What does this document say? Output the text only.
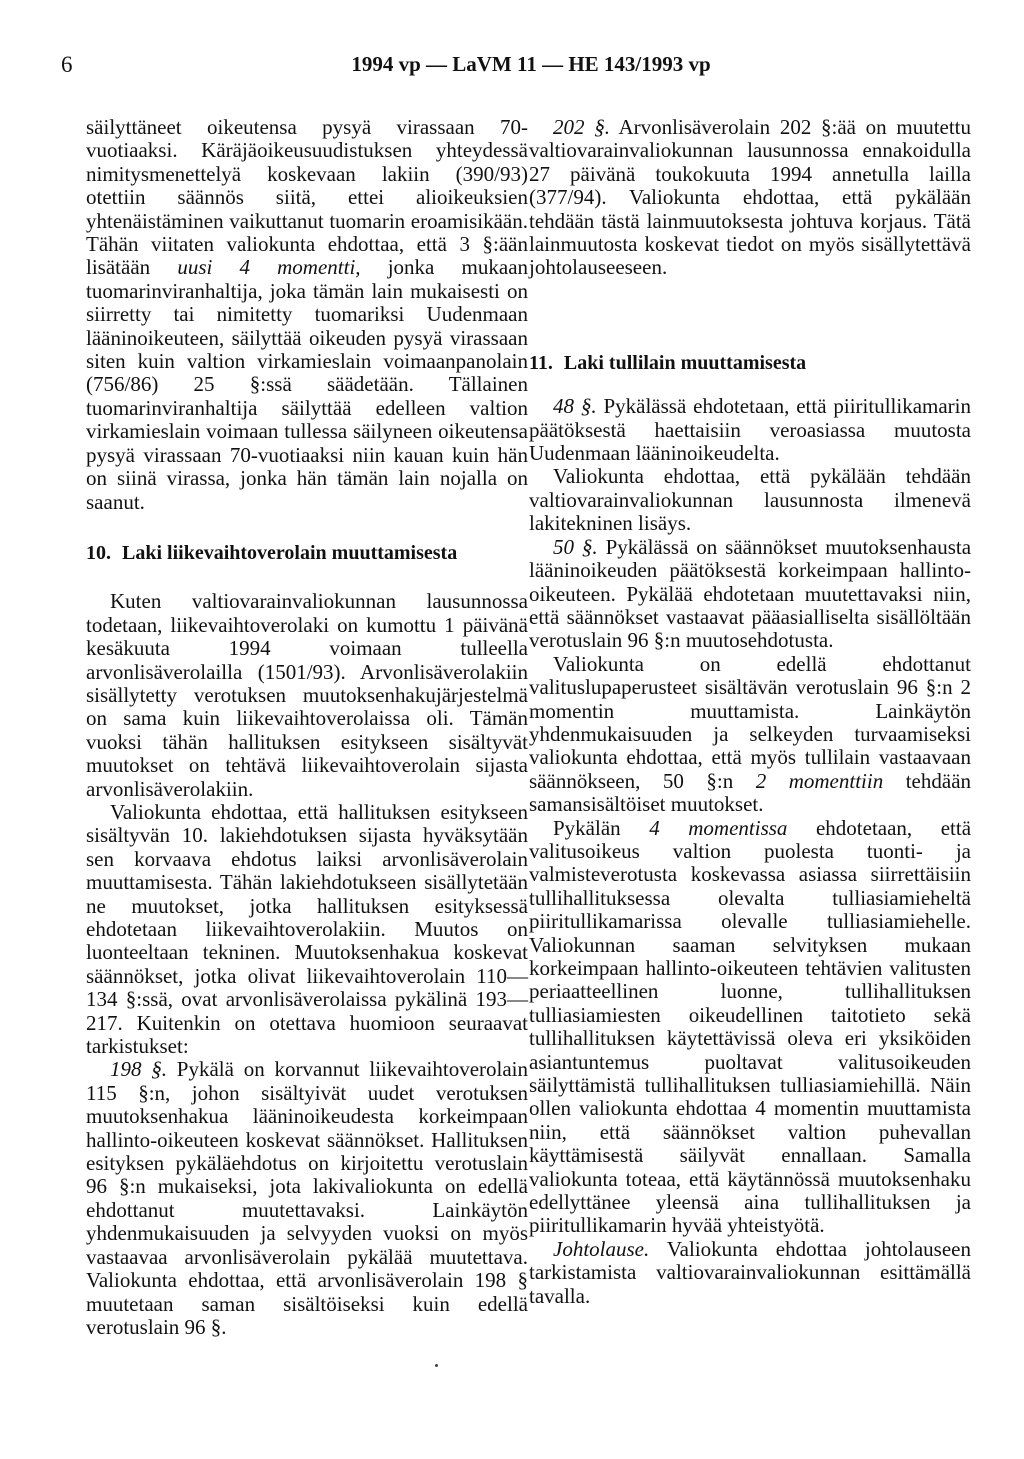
6	1994 vp — LaVM 11 — HE 143/1993 vp

säilyttäneet oikeutensa pysyä virassaan 70-vuotiaaksi. Käräjäoikeusuudistuksen yhteydessä nimitysmenettelyä koskevaan lakiin (390/93) otettiin säännös siitä, ettei alioikeuksien yhtenäistäminen vaikuttanut tuomarin eroamisikään. Tähän viitaten valiokunta ehdottaa, että 3 §:ään lisätään uusi 4 momentti, jonka mukaan tuomarinviranhaltija, joka tämän lain mukaisesti on siirretty tai nimitetty tuomariksi Uudenmaan lääninoikeuteen, säilyttää oikeuden pysyä virassaan siten kuin valtion virkamieslain voimaanpanolain (756/86) 25 §:ssä säädetään. Tällainen tuomarinviranhaltija säilyttää edelleen valtion virkamieslain voimaan tullessa säilyneen oikeutensa pysyä virassaan 70-vuotiaaksi niin kauan kuin hän on siinä virassa, jonka hän tämän lain nojalla on saanut.

10. Laki liikevaihtoverolain muuttamisesta

Kuten valtiovarainvaliokunnan lausunnossa todetaan, liikevaihtoverolaki on kumottu 1 päivänä kesäkuuta 1994 voimaan tulleella arvonlisäverolailla (1501/93). Arvonlisäverolakiin sisällytetty verotuksen muutoksenhakujärjestelmä on sama kuin liikevaihtoverolaissa oli. Tämän vuoksi tähän hallituksen esitykseen sisältyvät muutokset on tehtävä liikevaihtoverolain sijasta arvonlisäverolakiin.

Valiokunta ehdottaa, että hallituksen esitykseen sisältyvän 10. lakiehdotuksen sijasta hyväksytään sen korvaava ehdotus laiksi arvonlisäverolain muuttamisesta. Tähän lakiehdotukseen sisällytetään ne muutokset, jotka hallituksen esityksessä ehdotetaan liikevaihtoverolakiin. Muutos on luonteeltaan tekninen. Muutoksenhakua koskevat säännökset, jotka olivat liikevaihtoverolain 110—134 §:ssä, ovat arvonlisäverolaissa pykälinä 193—217. Kuitenkin on otettava huomioon seuraavat tarkistukset:

198 §. Pykälä on korvannut liikevaihtoverolain 115 §:n, johon sisältyivät uudet verotuksen muutoksenhakua lääninoikeudesta korkeimpaan hallinto-oikeuteen koskevat säännökset. Hallituksen esityksen pykäläehdotus on kirjoitettu verotuslain 96 §:n mukaiseksi, jota lakivaliokunta on edellä ehdottanut muutettavaksi. Lainkäytön yhdenmukaisuuden ja selvyyden vuoksi on myös vastaavaa arvonlisäverolain pykälää muutettava. Valiokunta ehdottaa, että arvonlisäverolain 198 § muutetaan saman sisältöiseksi kuin edellä verotuslain 96 §.

202 §. Arvonlisäverolain 202 §:ää on muutettu valtiovarainvaliokunnan lausunnossa ennakoidulla 27 päivänä toukokuuta 1994 annetulla lailla (377/94). Valiokunta ehdottaa, että pykälään tehdään tästä lainmuutoksesta johtuva korjaus. Tätä lainmuutosta koskevat tiedot on myös sisällytettävä johtolauseeseen.

11. Laki tullilain muuttamisesta

48 §. Pykälässä ehdotetaan, että piiritullikamarin päätöksestä haettaisiin veroasiassa muutosta Uudenmaan lääninoikeudelta.

Valiokunta ehdottaa, että pykälään tehdään valtiovarainvaliokunnan lausunnosta ilmenevä lakitekninen lisäys.

50 §. Pykälässä on säännökset muutoksenhausta lääninoikeuden päätöksestä korkeimpaan hallinto-oikeuteen. Pykälää ehdotetaan muutettavaksi niin, että säännökset vastaavat pääasialliselta sisällöltään verotuslain 96 §:n muutosehdotusta.

Valiokunta on edellä ehdottanut valituslupaperusteet sisältävän verotuslain 96 §:n 2 momentin muuttamista. Lainkäytön yhdenmukaisuuden ja selkeyden turvaamiseksi valiokunta ehdottaa, että myös tullilain vastaavaan säännökseen, 50 §:n 2 momenttiin tehdään samansisältöiset muutokset.

Pykälän 4 momentissa ehdotetaan, että valitusoikeus valtion puolesta tuonti- ja valmisteverotusta koskevassa asiassa siirrettäisiin tullihallituksessa olevalta tulliasiamieheltä piiritullikamarissa olevalle tulliasiamiehelle. Valiokunnan saaman selvityksen mukaan korkeimpaan hallinto-oikeuteen tehtävien valitusten periaatteellinen luonne, tullihallituksen tulliasiamiesten oikeudellinen taitotieto sekä tullihallituksen käytettävissä oleva eri yksiköiden asiantuntemus puoltavat valitusoikeuden säilyttämistä tullihallituksen tulliasiamiehillä. Näin ollen valiokunta ehdottaa 4 momentin muuttamista niin, että säännökset valtion puhevallan käyttämisestä säilyvät ennallaan. Samalla valiokunta toteaa, että käytännössä muutoksenhaku edellyttänee yleensä aina tullihallituksen ja piiritullikamarin hyvää yhteistyötä.

Johtolause. Valiokunta ehdottaa johtolauseen tarkistamista valtiovarainvaliokunnan esittämällä tavalla.
